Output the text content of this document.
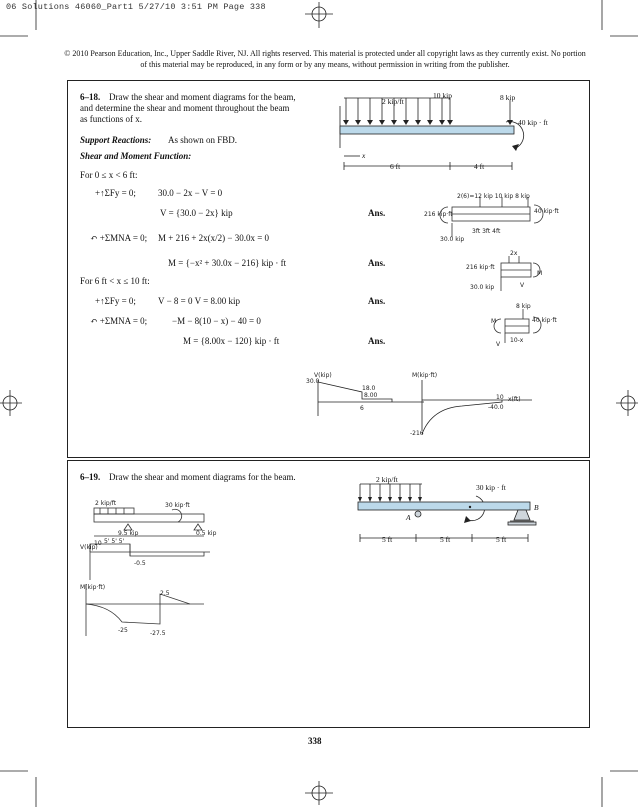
06 Solutions 46060_Part1 5/27/10 3:51 PM Page 338
© 2010 Pearson Education, Inc., Upper Saddle River, NJ. All rights reserved. This material is protected under all copyright laws as they currently exist. No portion of this material may be reproduced, in any form or by any means, without permission in writing from the publisher.
6–18. Draw the shear and moment diagrams for the beam,
and determine the shear and moment throughout the beam
as functions of x.
Support Reactions: As shown on FBD.
Shear and Moment Function:
For 0 ≤ x < 6 ft:
+↑ΣFy = 0; 30.0 − 2x − V = 0
V = {30.0 − 2x} kip	Ans.
↶ +ΣMNA = 0; M + 216 + 2x(x/2) − 30.0x = 0
M = {−x² + 30.0x − 216} kip · ft	Ans.
For 6 ft < x ≤ 10 ft:
+↑ΣFy = 0; V − 8 = 0 V = 8.00 kip	Ans.
↶ +ΣMNA = 0;	−M − 8(10 − x) − 40 = 0
M = {8.00x − 120} kip · ft	Ans.
2 kip/ft
10 kip	8 kip
40 kip · ft
x
6 ft	4 ft
2(6)=12 kip 10 kip 8 kip
40 kip·ft
216 kip·ft
3ft 3ft 4ft
30.0 kip
2x
216 kip·ft
30.0 kip	V
M
8 kip
40 kip·ft
M
V
10-x
V(kip)
30.0
18.0
8.00
6
M(kip·ft)
10 x(ft)
-40.0
-216
6–19. Draw the shear and moment diagrams for the beam.	2 kip/ft
30 kip · ft
A
B
5 ft	5 ft	5 ft
2 kip/ft	30 kip·ft
9.5 kip	0.5 kip
5' 5' 5'
V(kip)
10
-0.5
M(kip·ft)
2.5
-25	-27.5
338
